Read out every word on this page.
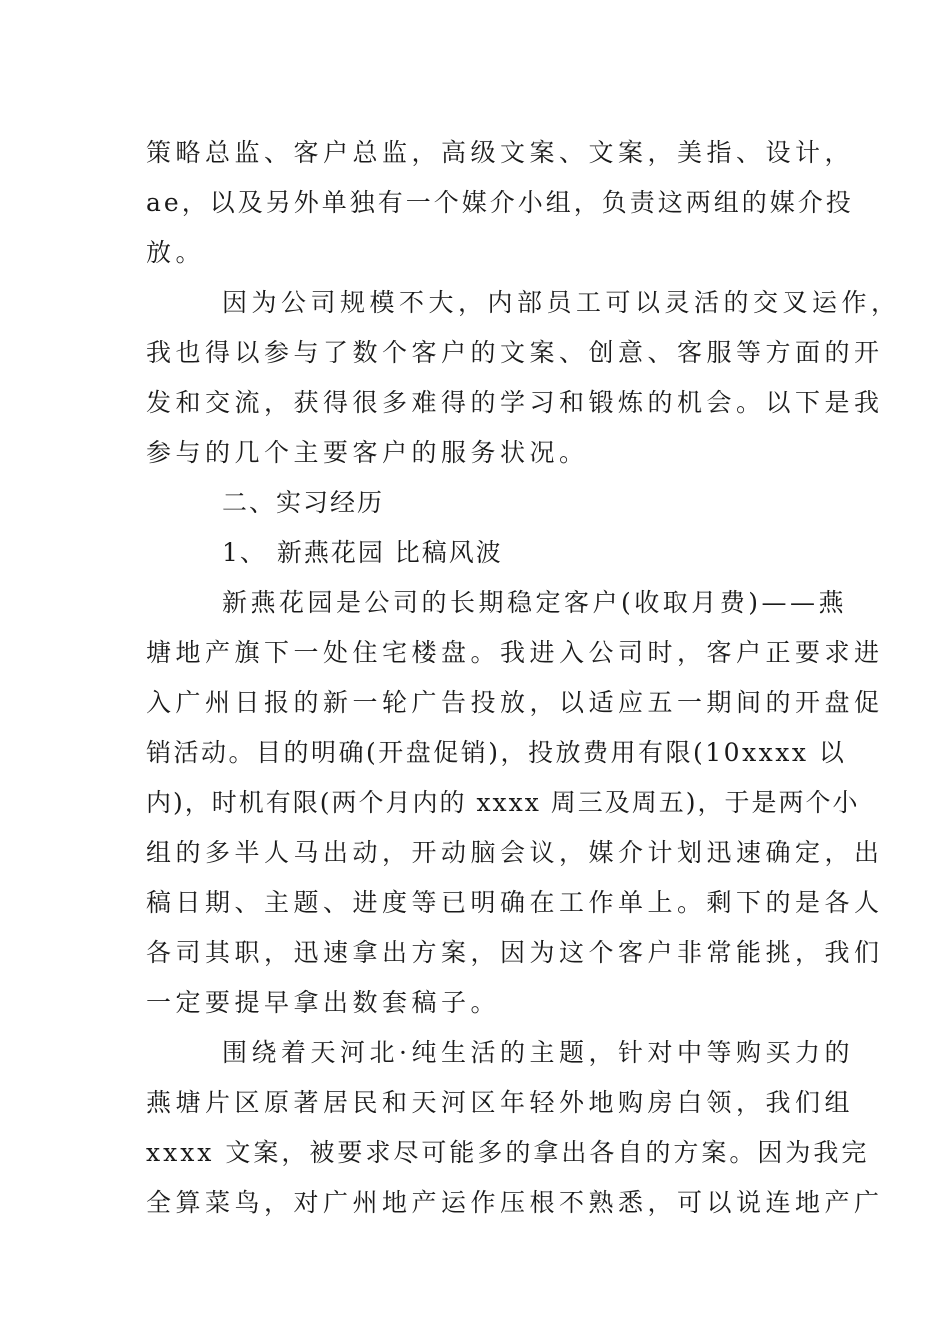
策略总监、客户总监，高级文案、文案，美指、设计，
ae，以及另外单独有一个媒介小组，负责这两组的媒介投
放。
因为公司规模不大，内部员工可以灵活的交叉运作，
我也得以参与了数个客户的文案、创意、客服等方面的开
发和交流，获得很多难得的学习和锻炼的机会。以下是我
参与的几个主要客户的服务状况。
二、实习经历
1、 新燕花园 比稿风波
新燕花园是公司的长期稳定客户(收取月费)——燕
塘地产旗下一处住宅楼盘。我进入公司时，客户正要求进
入广州日报的新一轮广告投放，以适应五一期间的开盘促
销活动。目的明确(开盘促销)，投放费用有限(10xxxx 以
内)，时机有限(两个月内的 xxxx 周三及周五)，于是两个小
组的多半人马出动，开动脑会议，媒介计划迅速确定，出
稿日期、主题、进度等已明确在工作单上。剩下的是各人
各司其职，迅速拿出方案，因为这个客户非常能挑，我们
一定要提早拿出数套稿子。
围绕着天河北·纯生活的主题，针对中等购买力的
燕塘片区原著居民和天河区年轻外地购房白领，我们组
xxxx 文案，被要求尽可能多的拿出各自的方案。因为我完
全算菜鸟，对广州地产运作压根不熟悉，可以说连地产广
